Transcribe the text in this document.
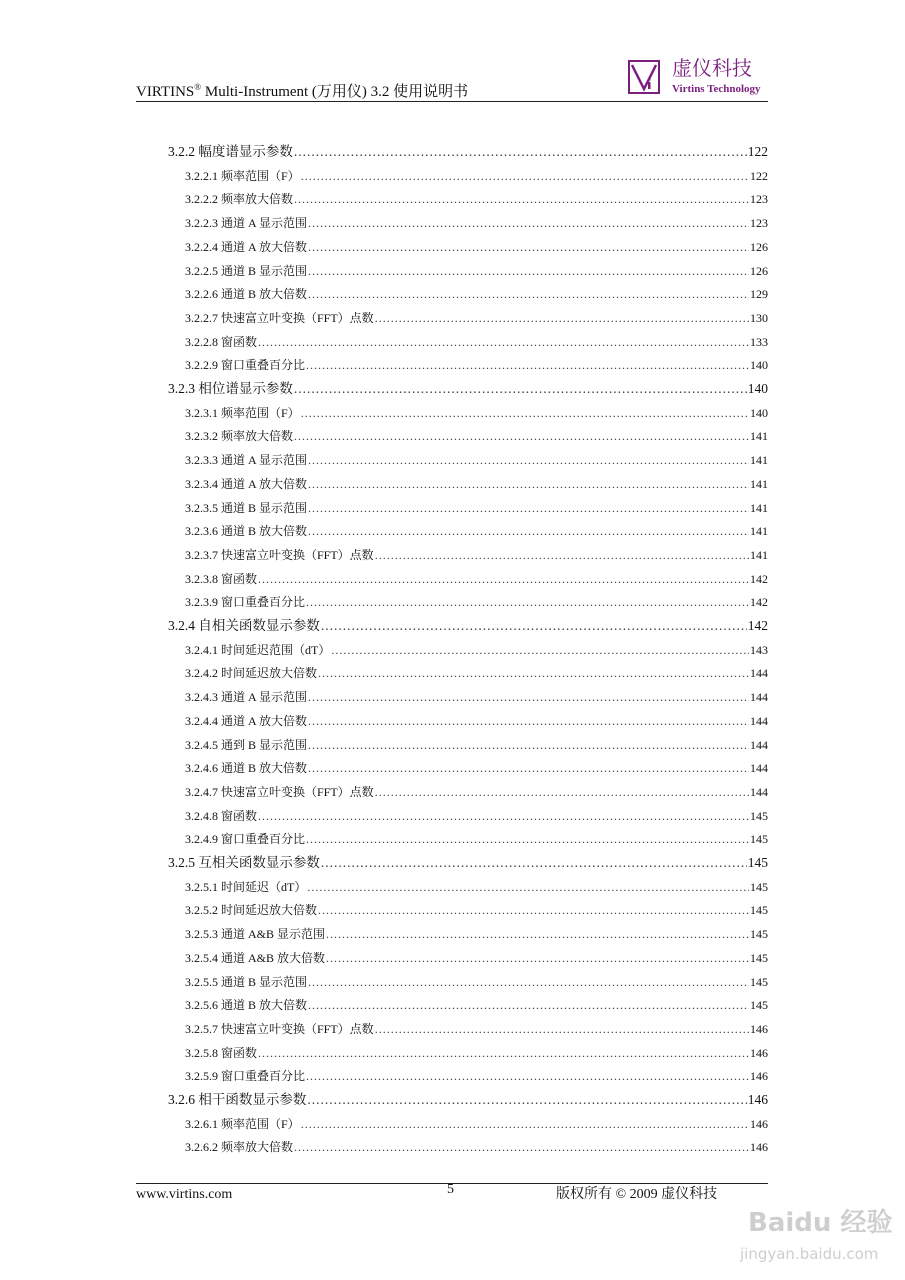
VIRTINS® Multi-Instrument (万用仪) 3.2 使用说明书
虚仪科技
Virtins Technology
3.2.2 幅度谱显示参数 .....	122
3.2.2.1 频率范围（F） .....	122
3.2.2.2 频率放大倍数 .....	123
3.2.2.3 通道 A 显示范围 .....	123
3.2.2.4 通道 A 放大倍数 .....	126
3.2.2.5 通道 B 显示范围 .....	126
3.2.2.6 通道 B 放大倍数 .....	129
3.2.2.7 快速富立叶变换（FFT）点数 .....	130
3.2.2.8 窗函数 .....	133
3.2.2.9 窗口重叠百分比 .....	140
3.2.3 相位谱显示参数 .....	140
3.2.3.1 频率范围（F） .....	140
3.2.3.2 频率放大倍数 .....	141
3.2.3.3 通道 A 显示范围 .....	141
3.2.3.4 通道 A 放大倍数 .....	141
3.2.3.5 通道 B 显示范围 .....	141
3.2.3.6 通道 B 放大倍数 .....	141
3.2.3.7 快速富立叶变换（FFT）点数 .....	141
3.2.3.8 窗函数 .....	142
3.2.3.9 窗口重叠百分比 .....	142
3.2.4 自相关函数显示参数 .....	142
3.2.4.1 时间延迟范围（dT） .....	143
3.2.4.2 时间延迟放大倍数 .....	144
3.2.4.3 通道 A 显示范围 .....	144
3.2.4.4 通道 A 放大倍数 .....	144
3.2.4.5 通到 B 显示范围 .....	144
3.2.4.6 通道 B 放大倍数 .....	144
3.2.4.7 快速富立叶变换（FFT）点数 .....	144
3.2.4.8 窗函数 .....	145
3.2.4.9 窗口重叠百分比 .....	145
3.2.5 互相关函数显示参数 .....	145
3.2.5.1 时间延迟（dT） .....	145
3.2.5.2 时间延迟放大倍数 .....	145
3.2.5.3 通道 A&B 显示范围 .....	145
3.2.5.4 通道 A&B 放大倍数 .....	145
3.2.5.5 通道 B 显示范围 .....	145
3.2.5.6 通道 B 放大倍数 .....	145
3.2.5.7 快速富立叶变换（FFT）点数 .....	146
3.2.5.8 窗函数 .....	146
3.2.5.9 窗口重叠百分比 .....	146
3.2.6 相干函数显示参数 .....	146
3.2.6.1 频率范围（F） .....	146
3.2.6.2 频率放大倍数 .....	146
www.virtins.com	5	版权所有 © 2009 虚仪科技
Baidu 经验
jingyan.baidu.com
